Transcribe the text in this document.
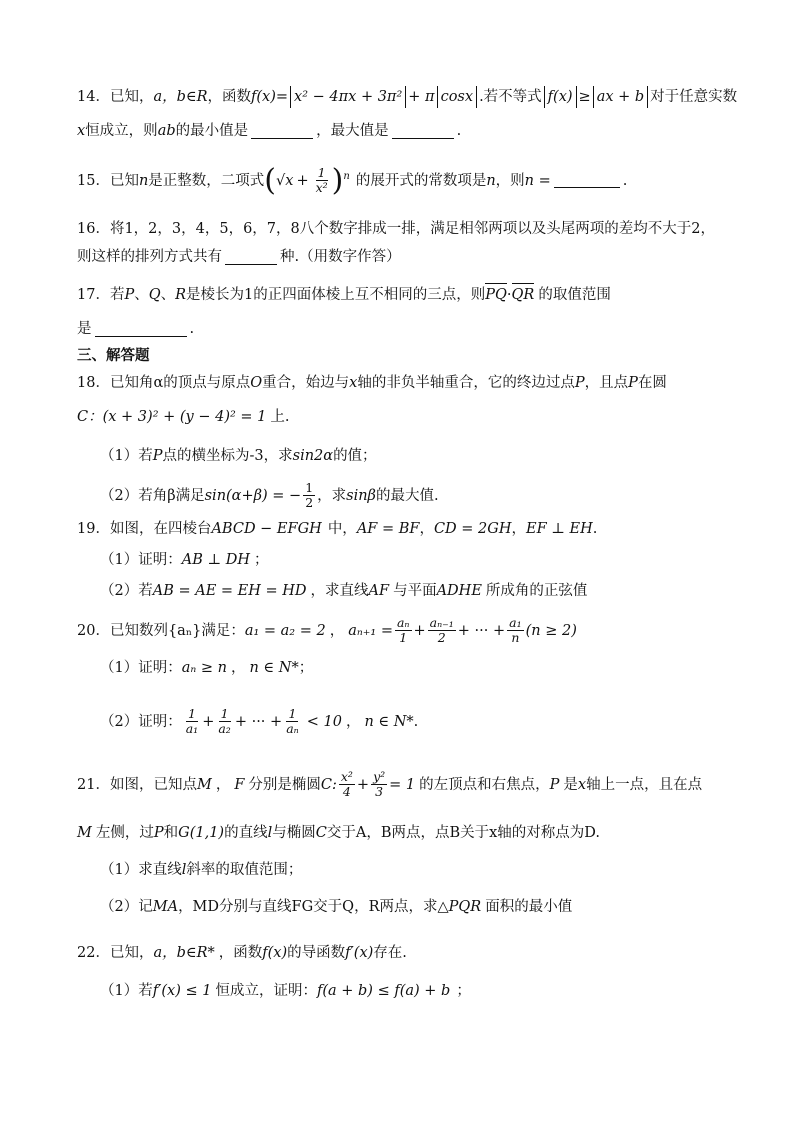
14． 已知， a，b∈R ，函数 f(x)= x² − 4πx + 3π² + π cosx .若不等式 f(x) ≥ ax + b 对于任意实数
x 恒成立，则 ab 的最小值是	，最大值是	.
15． 已知 n 是正整数，二项式 ( $√x + \frac{1}{\text{x²}} )^n$ 的展开式的常数项是 n ，则 n =	.
16． 将1，2，3，4，5，6，7，8八个数字排成一排，满足相邻两项以及头尾两项的差均不大于2，
则这样的排列方式共有	种.（用数字作答）
17． 若 P 、 Q 、 R 是棱长为1的正四面体棱上互不相同的三点，则 PQ · QR 的取值范围
是	.
三、解答题
18． 已知角α的顶点与原点 O 重合，始边与 x 轴的非负半轴重合，它的终边过点 P ，且点 P 在圆
C ：(x + 3)² + (y − 4)² = 1 上.
（1）若 P 点的横坐标为-3，求 sin2α 的值；
（2）若角β满足 sin(α+β) = − $\frac{1}{2}$ ，求 sinβ 的最大值.
19． 如图，在四棱台 ABCD − EFGH 中， AF = BF ， CD = 2GH ， EF ⊥ EH .
（1）证明： AB ⊥ DH ；
（2）若 AB = AE = EH = HD ，求直线 AF 与平面 ADHE 所成角的正弦值
20． 已知数列{aₙ}满足： a₁ = a₂ = 2 ， $a_{n+1} = \frac{\text{aₙ}}{1} + \frac{\text{aₙ₋₁}}{2}$ + ··· + $\frac{\text{a₁}}{n} (n \ge 2)$
（1）证明： aₙ ≥ n ， n ∈ N* ；
（2）证明： $\frac{1}{\text{a₁}} + \frac{1}{\text{a₂}}$ + ··· + $\frac{1}{\text{aₙ}} < 10$ ， n ∈ N* .
21． 如图，已知点 M ， F 分别是椭圆 C: $\frac{\text{x²}}{4} + \frac{\text{y²}}{3} = 1$ 的左顶点和右焦点， P 是 x 轴上一点，且在点
M 左侧，过 P 和 G(1,1) 的直线 l 与椭圆 C 交于A，B两点，点B关于x轴的对称点为D.
（1）求直线 l 斜率的取值范围；
（2）记 MA ，MD分别与直线FG交于Q，R两点，求 △PQR 面积的最小值
22． 已知， a，b∈R* ，函数 f(x) 的导函数 f′(x) 存在.
（1）若 f′(x) ≤ 1 恒成立，证明： f(a + b) ≤ f(a) + b ；
